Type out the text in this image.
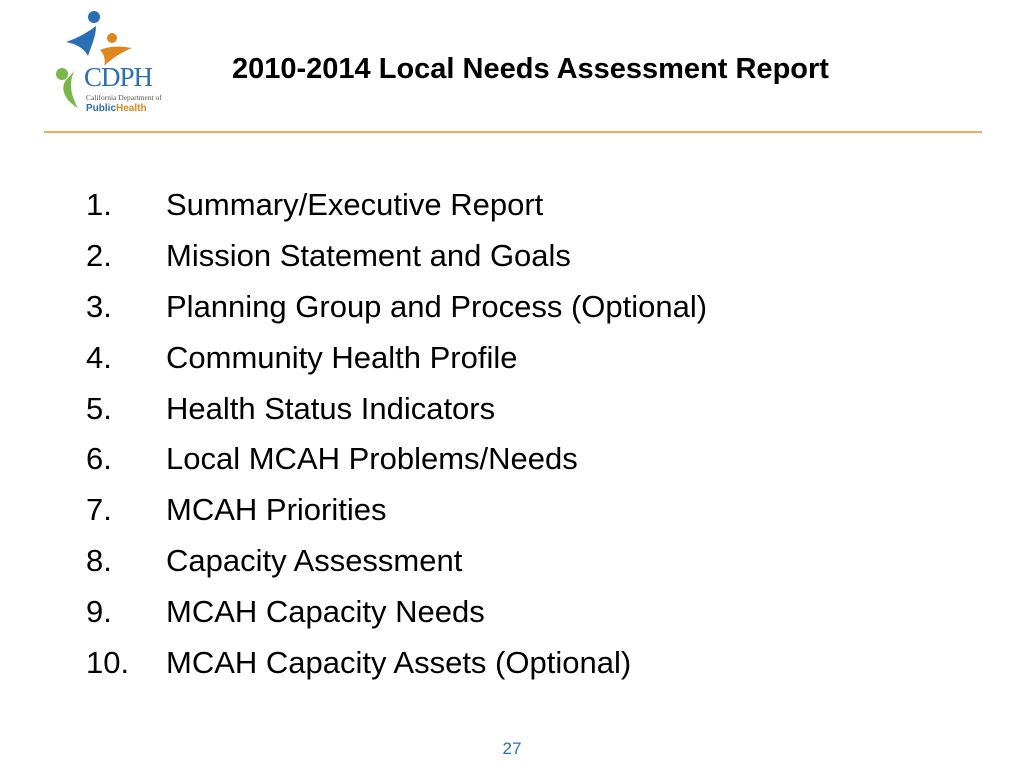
CDPH
California Department of
PublicHealth
2010-2014 Local Needs Assessment Report
1.	Summary/Executive Report
2.	Mission Statement and Goals
3.	Planning Group and Process (Optional)
4.	Community Health Profile
5.	Health Status Indicators
6.	Local MCAH Problems/Needs
7.	MCAH Priorities
8.	Capacity Assessment
9.	MCAH Capacity Needs
10.	MCAH Capacity Assets (Optional)
27
